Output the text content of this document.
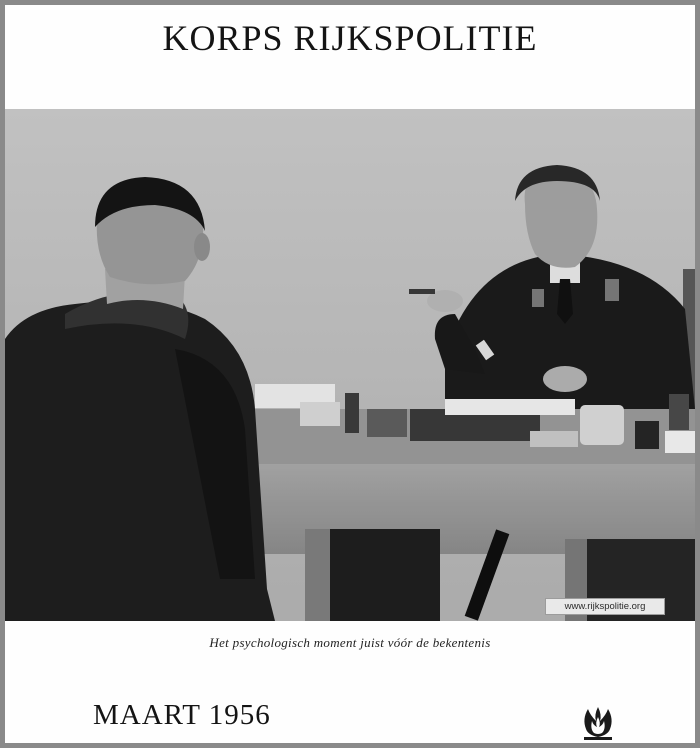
KORPS RIJKSPOLITIE
www.rijkspolitie.org
Het psychologisch moment juist vóór de bekentenis
MAART 1956
